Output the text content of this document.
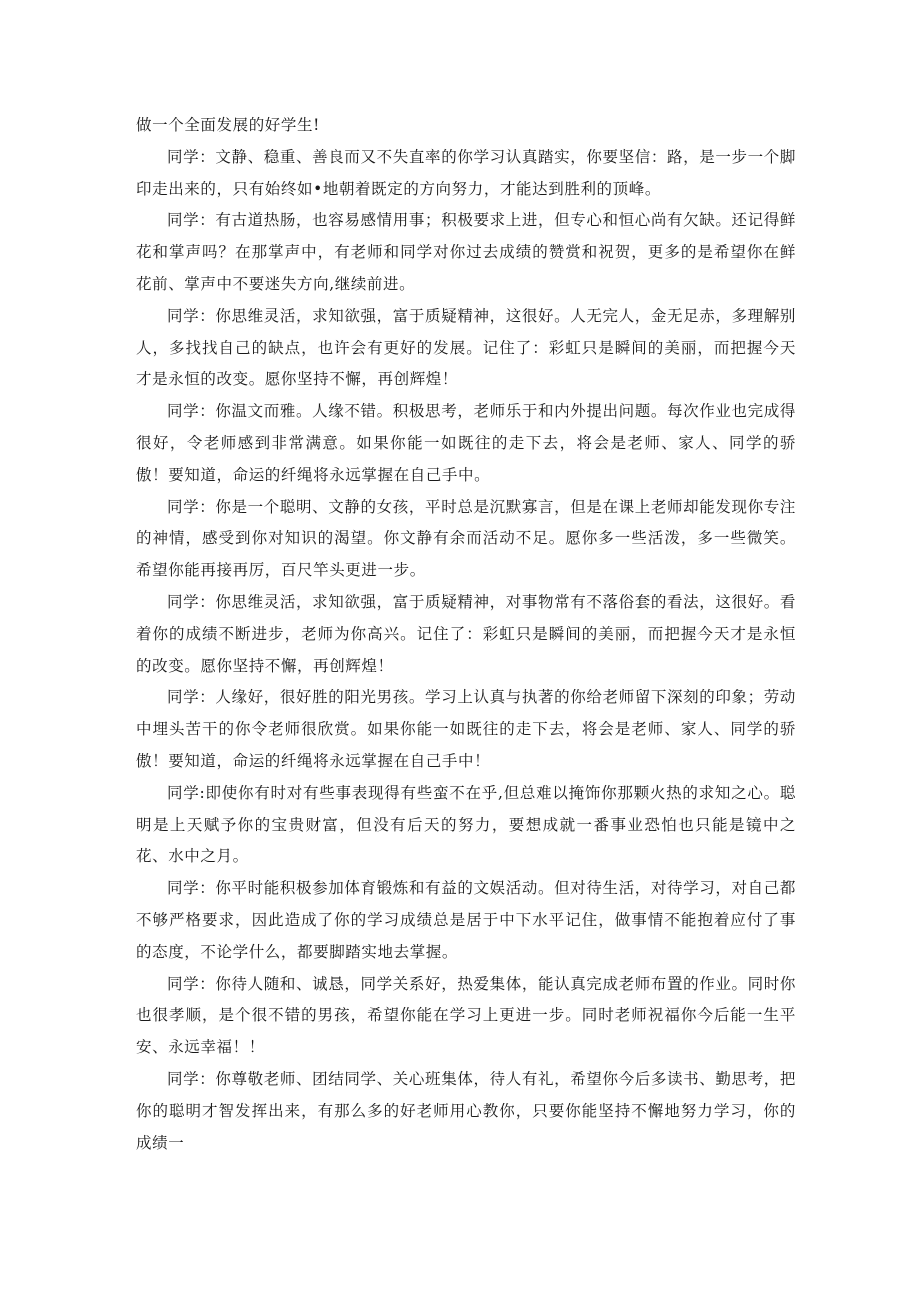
做一个全面发展的好学生!

同学：文静、稳重、善良而又不失直率的你学习认真踏实，你要坚信：路，是一步一个脚印走出来的，只有始终如•地朝着既定的方向努力，才能达到胜利的顶峰。

同学：有古道热肠，也容易感情用事；积极要求上进，但专心和恒心尚有欠缺。还记得鲜花和掌声吗？在那掌声中，有老师和同学对你过去成绩的赞赏和祝贺，更多的是希望你在鲜花前、掌声中不要迷失方向,继续前进。

同学：你思维灵活，求知欲强，富于质疑精神，这很好。人无完人，金无足赤，多理解别人，多找找自己的缺点，也许会有更好的发展。记住了：彩虹只是瞬间的美丽，而把握今天才是永恒的改变。愿你坚持不懈，再创辉煌！

同学：你温文而雅。人缘不错。积极思考，老师乐于和内外提出问题。每次作业也完成得很好，令老师感到非常满意。如果你能一如既往的走下去，将会是老师、家人、同学的骄傲！要知道，命运的纤绳将永远掌握在自己手中。

同学：你是一个聪明、文静的女孩，平时总是沉默寡言，但是在课上老师却能发现你专注的神情，感受到你对知识的渴望。你文静有余而活动不足。愿你多一些活泼，多一些微笑。希望你能再接再厉，百尺竿头更进一步。

同学：你思维灵活，求知欲强，富于质疑精神，对事物常有不落俗套的看法，这很好。看着你的成绩不断进步，老师为你高兴。记住了：彩虹只是瞬间的美丽，而把握今天才是永恒的改变。愿你坚持不懈，再创辉煌！

同学：人缘好，很好胜的阳光男孩。学习上认真与执著的你给老师留下深刻的印象；劳动中埋头苦干的你令老师很欣赏。如果你能一如既往的走下去，将会是老师、家人、同学的骄傲！要知道，命运的纤绳将永远掌握在自己手中！

同学:即使你有时对有些事表现得有些蛮不在乎,但总难以掩饰你那颗火热的求知之心。聪明是上天赋予你的宝贵财富，但没有后天的努力，要想成就一番事业恐怕也只能是镜中之花、水中之月。

同学：你平时能积极参加体育锻炼和有益的文娱活动。但对待生活，对待学习，对自己都不够严格要求，因此造成了你的学习成绩总是居于中下水平记住，做事情不能抱着应付了事的态度，不论学什么，都要脚踏实地去掌握。

同学：你待人随和、诚恳，同学关系好，热爱集体，能认真完成老师布置的作业。同时你也很孝顺，是个很不错的男孩，希望你能在学习上更进一步。同时老师祝福你今后能一生平安、永远幸福！！

同学：你尊敬老师、团结同学、关心班集体，待人有礼，希望你今后多读书、勤思考，把你的聪明才智发挥出来，有那么多的好老师用心教你，只要你能坚持不懈地努力学习，你的成绩一
